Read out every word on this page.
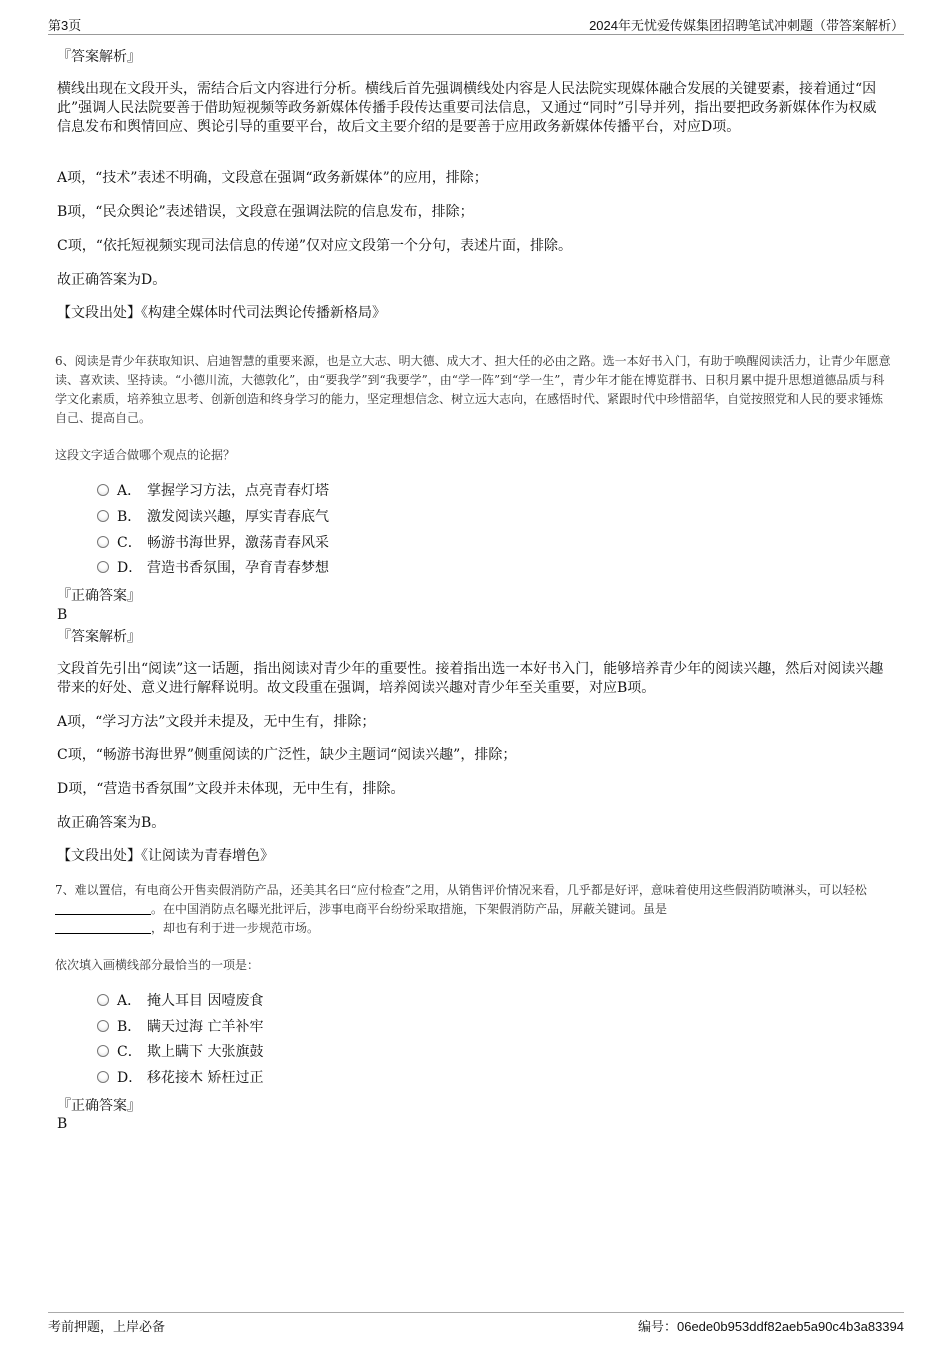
第3页	2024年无忧爱传媒集团招聘笔试冲刺题（带答案解析）
『答案解析』
横线出现在文段开头，需结合后文内容进行分析。横线后首先强调横线处内容是人民法院实现媒体融合发展的关键要素，接着通过“因此”强调人民法院要善于借助短视频等政务新媒体传播手段传达重要司法信息，又通过“同时”引导并列，指出要把政务新媒体作为权威信息发布和舆情回应、舆论引导的重要平台，故后文主要介绍的是要善于应用政务新媒体传播平台，对应D项。
A项，“技术”表述不明确，文段意在强调“政务新媒体”的应用，排除；
B项，“民众舆论”表述错误，文段意在强调法院的信息发布，排除；
C项，“依托短视频实现司法信息的传递”仅对应文段第一个分句，表述片面，排除。
故正确答案为D。
【文段出处】《构建全媒体时代司法舆论传播新格局》
6、阅读是青少年获取知识、启迪智慧的重要来源，也是立大志、明大德、成大才、担大任的必由之路。选一本好书入门，有助于唤醒阅读活力，让青少年愿意读、喜欢读、坚持读。“小德川流，大德敦化”，由“要我学”到“我要学”，由“学一阵”到“学一生”，青少年才能在博览群书、日积月累中提升思想道德品质与科学文化素质，培养独立思考、创新创造和终身学习的能力，坚定理想信念、树立远大志向，在感悟时代、紧跟时代中珍惜韶华，自觉按照党和人民的要求锤炼自己、提高自己。
这段文字适合做哪个观点的论据？
A． 掌握学习方法，点亮青春灯塔
B． 激发阅读兴趣，厚实青春底气
C． 畅游书海世界，激荡青春风采
D． 营造书香氛围，孕育青春梦想
『正确答案』
B
『答案解析』
文段首先引出“阅读”这一话题，指出阅读对青少年的重要性。接着指出选一本好书入门，能够培养青少年的阅读兴趣，然后对阅读兴趣带来的好处、意义进行解释说明。故文段重在强调，培养阅读兴趣对青少年至关重要，对应B项。
A项，“学习方法”文段并未提及，无中生有，排除；
C项，“畅游书海世界”侧重阅读的广泛性，缺少主题词“阅读兴趣”，排除；
D项，“营造书香氛围”文段并未体现，无中生有，排除。
故正确答案为B。
【文段出处】《让阅读为青春增色》
7、难以置信，有电商公开售卖假消防产品，还美其名曰“应付检查”之用，从销售评价情况来看，几乎都是好评，意味着使用这些假消防喷淋头，可以轻松 。在中国消防点名曝光批评后，涉事电商平台纷纷采取措施，下架假消防产品，屏蔽关键词。虽是
，却也有利于进一步规范市场。
依次填入画横线部分最恰当的一项是：
A． 掩人耳目 因噎废食
B． 瞒天过海 亡羊补牢
C． 欺上瞒下 大张旗鼓
D． 移花接木 矫枉过正
『正确答案』
B
考前押题，上岸必备	编号：06ede0b953ddf82aeb5a90c4b3a83394
